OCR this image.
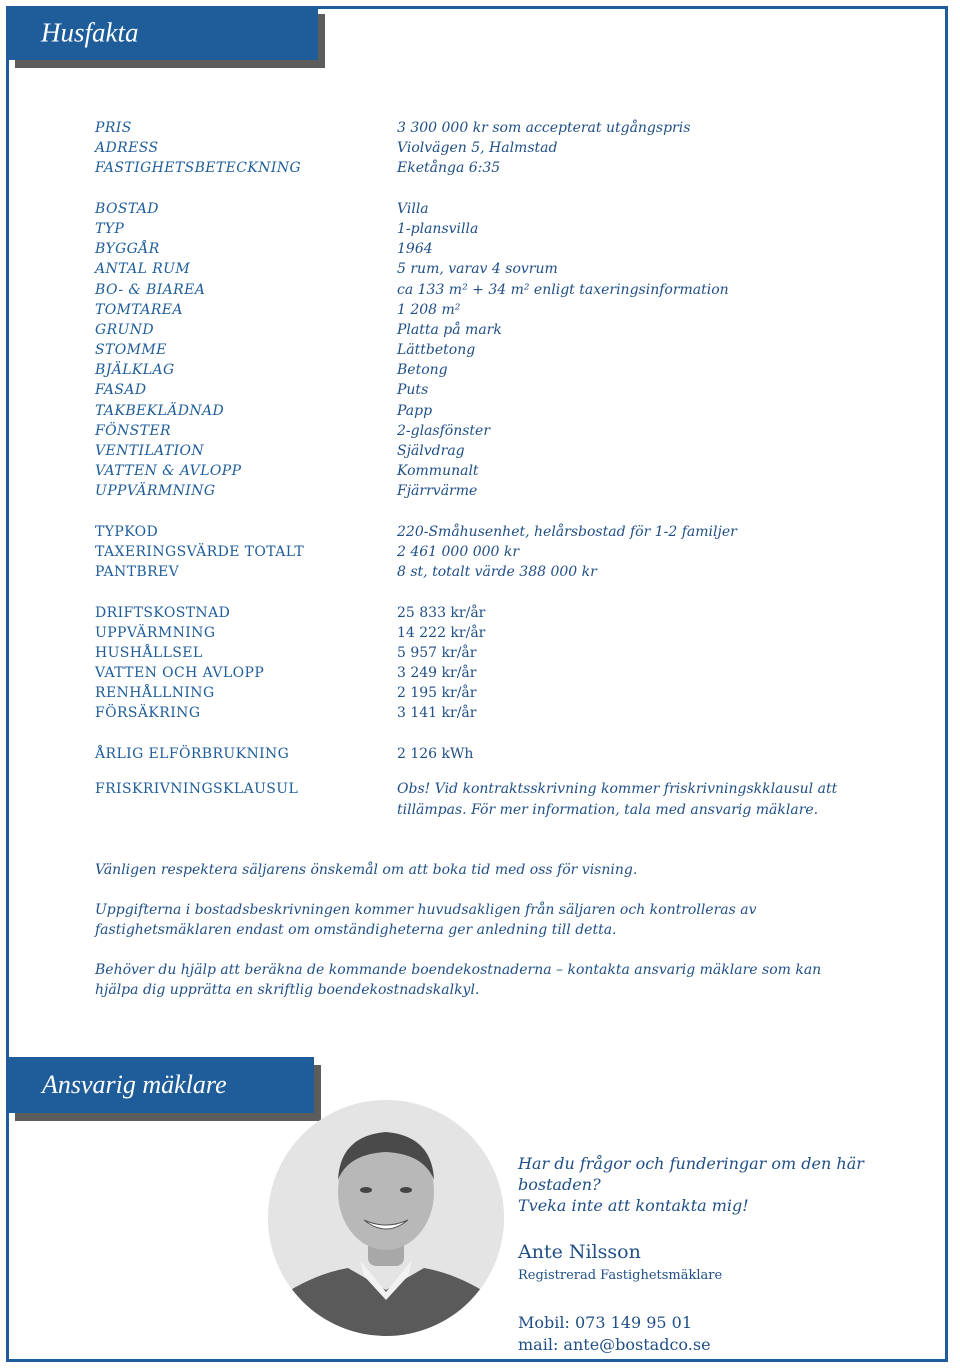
Husfakta
PRIS	3 300 000 kr som accepterat utgångspris
ADRESS	Violvägen 5, Halmstad
FASTIGHETSBETECKNING	Eketånga 6:35
BOSTAD	Villa
TYP	1-plansvilla
BYGGÅR	1964
ANTAL RUM	5 rum, varav 4 sovrum
BO- & BIAREA	ca 133 m² + 34 m² enligt taxeringsinformation
TOMTAREA	1 208 m²
GRUND	Platta på mark
STOMME	Lättbetong
BJÄLKLAG	Betong
FASAD	Puts
TAKBEKLÄDNAD	Papp
FÖNSTER	2-glasfönster
VENTILATION	Självdrag
VATTEN & AVLOPP	Kommunalt
UPPVÄRMNING	Fjärrvärme
TYPKOD	220-Småhusenhet, helårsbostad för 1-2 familjer
TAXERINGSVÄRDE TOTALT	2 461 000 000 kr
PANTBREV	8 st, totalt värde 388 000 kr
DRIFTSKOSTNAD	25 833 kr/år
UPPVÄRMNING	14 222 kr/år
HUSHÅLLSEL	5 957 kr/år
VATTEN OCH AVLOPP	3 249 kr/år
RENHÅLLNING	2 195 kr/år
FÖRSÄKRING	3 141 kr/år
ÅRLIG ELFÖRBRUKNING	2 126 kWh
FRISKRIVNINGSKLAUSUL	Obs! Vid kontraktsskrivning kommer friskrivningskklausul att tillämpas. För mer information, tala med ansvarig mäklare.

Vänligen respektera säljarens önskemål om att boka tid med oss för visning.

Uppgifterna i bostadsbeskrivningen kommer huvudsakligen från säljaren och kontrolleras av fastighetsmäklaren endast om omständigheterna ger anledning till detta.

Behöver du hjälp att beräkna de kommande boendekostnaderna – kontakta ansvarig mäklare som kan hjälpa dig upprätta en skriftlig boendekostnadskalkyl.

Ansvarig mäklare
Har du frågor och funderingar om den här bostaden?
Tveka inte att kontakta mig!
Ante Nilsson
Registrerad Fastighetsmäklare
Mobil: 073 149 95 01
mail: ante@bostadco.se
